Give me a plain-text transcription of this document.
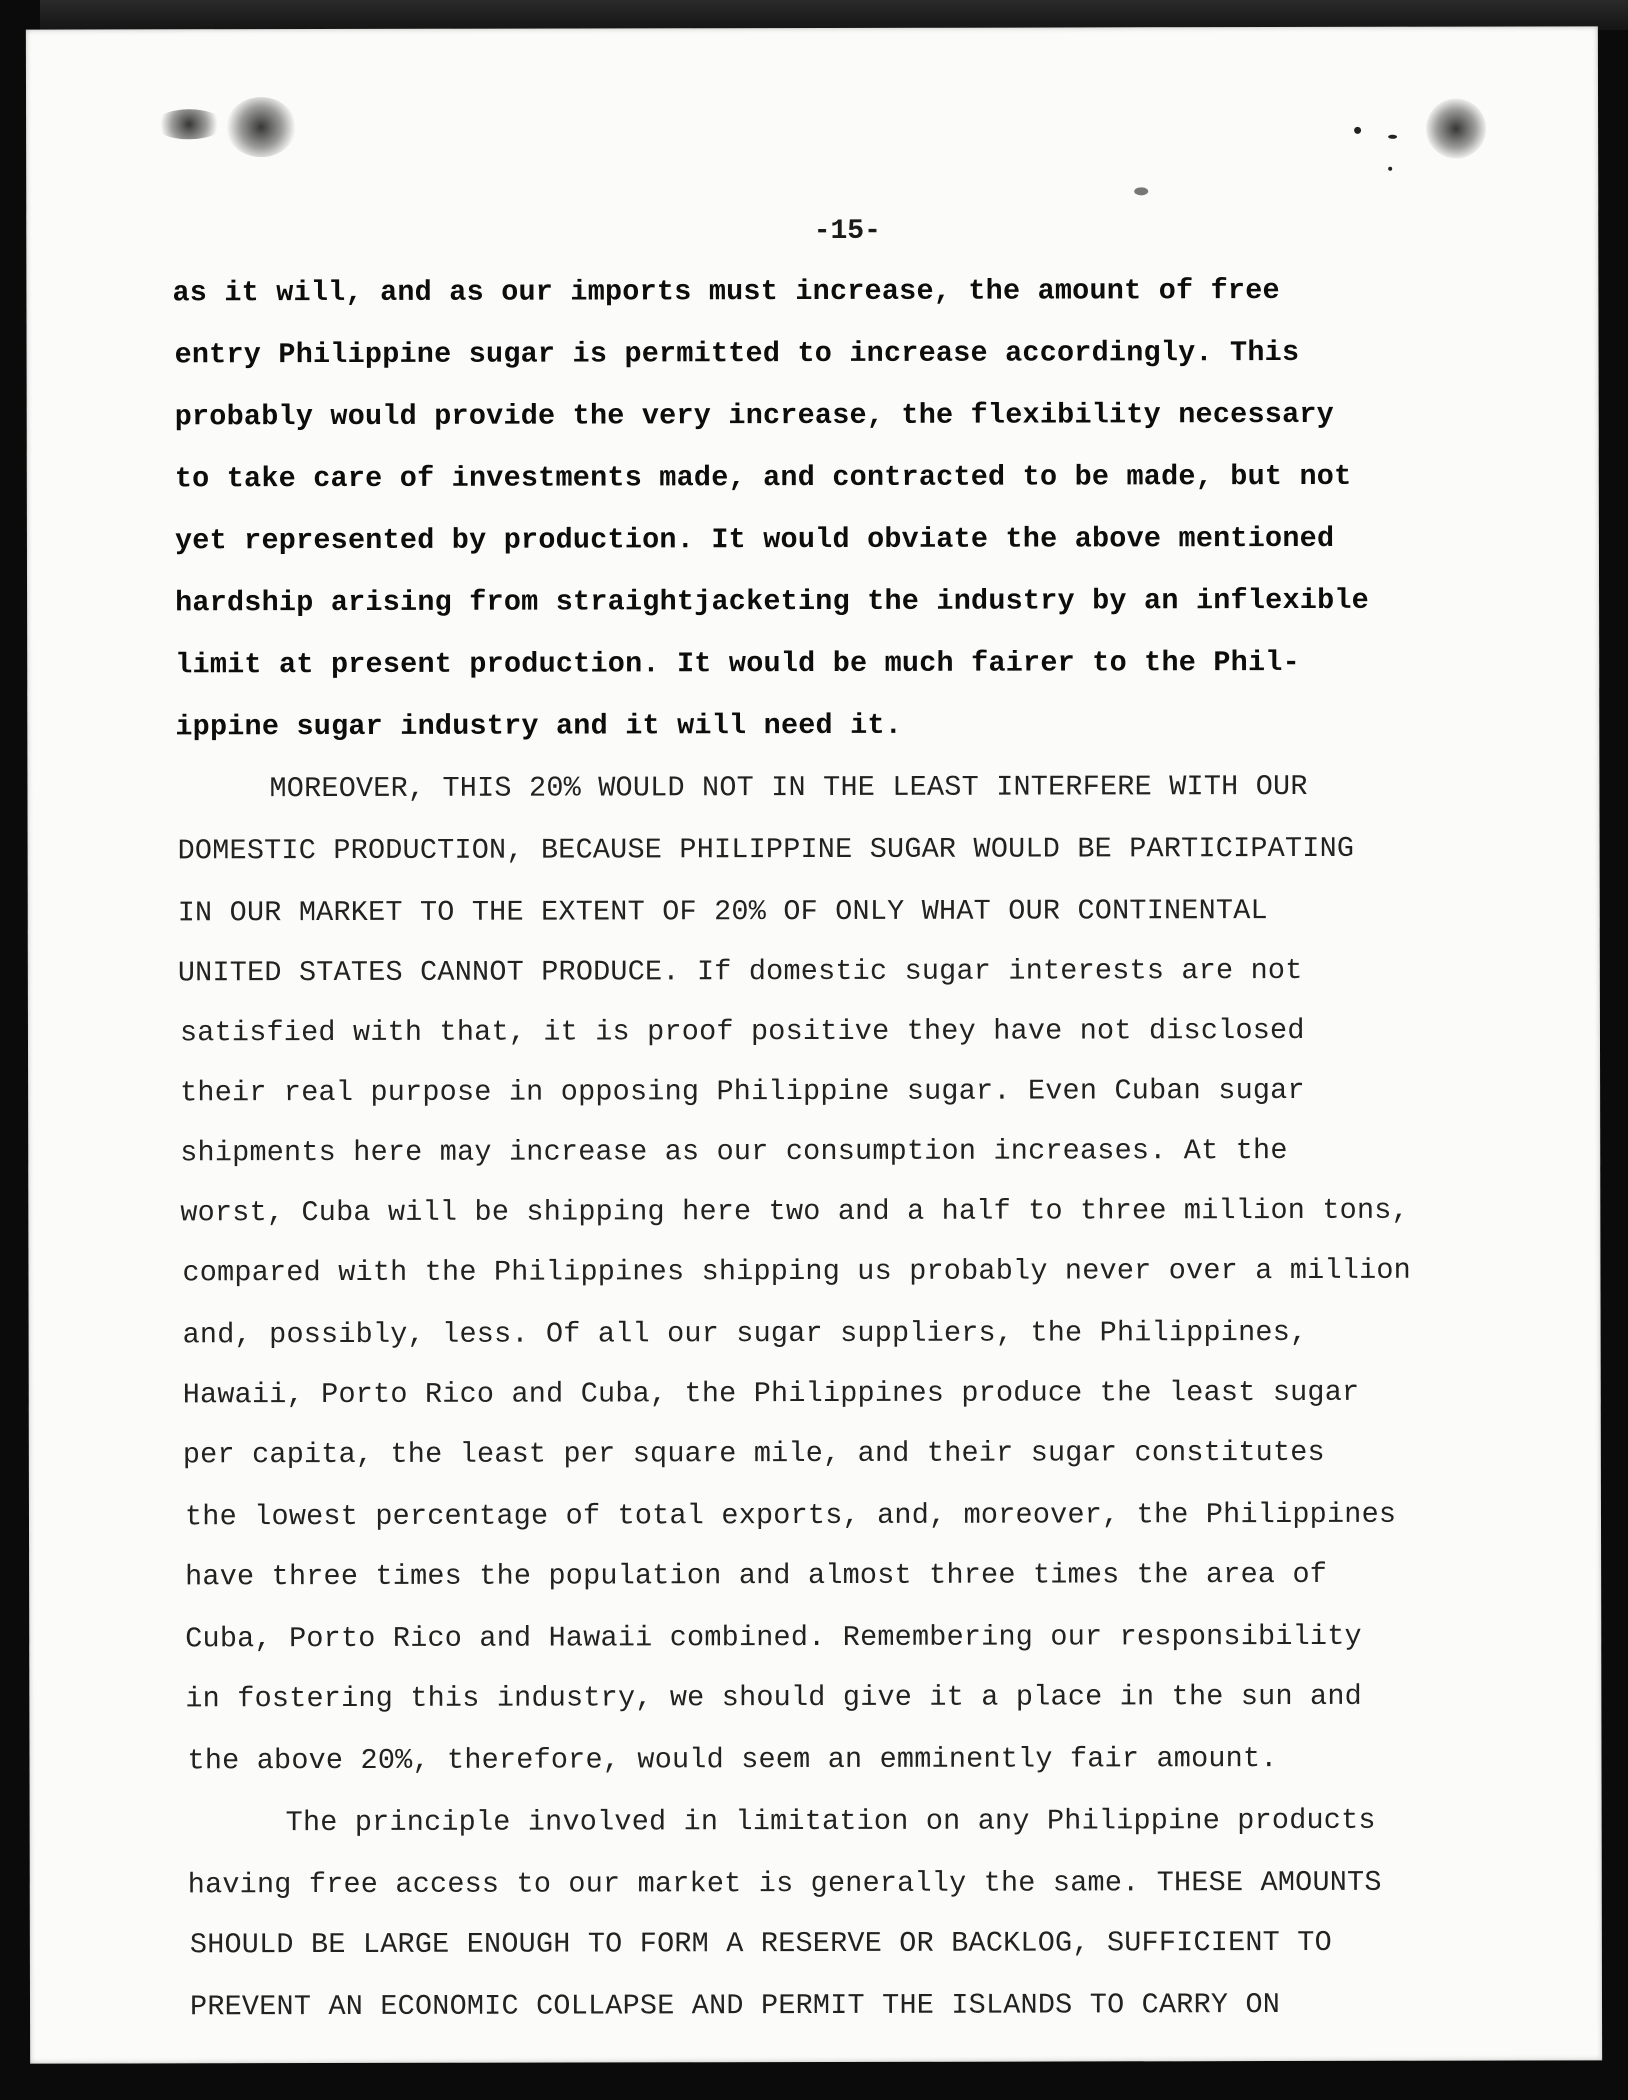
-15-
as it will, and as our imports must increase, the amount of free
entry Philippine sugar is permitted to increase accordingly. This
probably would provide the very increase, the flexibility necessary
to take care of investments made, and contracted to be made, but not
yet represented by production. It would obviate the above mentioned
hardship arising from straightjacketing the industry by an inflexible
limit at present production. It would be much fairer to the Phil-
ippine sugar industry and it will need it.
MOREOVER, THIS 20% WOULD NOT IN THE LEAST INTERFERE WITH OUR
DOMESTIC PRODUCTION, BECAUSE PHILIPPINE SUGAR WOULD BE PARTICIPATING
IN OUR MARKET TO THE EXTENT OF 20% OF ONLY WHAT OUR CONTINENTAL
UNITED STATES CANNOT PRODUCE. If domestic sugar interests are not
satisfied with that, it is proof positive they have not disclosed
their real purpose in opposing Philippine sugar. Even Cuban sugar
shipments here may increase as our consumption increases. At the
worst, Cuba will be shipping here two and a half to three million tons,
compared with the Philippines shipping us probably never over a million
and, possibly, less. Of all our sugar suppliers, the Philippines,
Hawaii, Porto Rico and Cuba, the Philippines produce the least sugar
per capita, the least per square mile, and their sugar constitutes
the lowest percentage of total exports, and, moreover, the Philippines
have three times the population and almost three times the area of
Cuba, Porto Rico and Hawaii combined. Remembering our responsibility
in fostering this industry, we should give it a place in the sun and
the above 20%, therefore, would seem an emminently fair amount.
The principle involved in limitation on any Philippine products
having free access to our market is generally the same. THESE AMOUNTS
SHOULD BE LARGE ENOUGH TO FORM A RESERVE OR BACKLOG, SUFFICIENT TO
PREVENT AN ECONOMIC COLLAPSE AND PERMIT THE ISLANDS TO CARRY ON
